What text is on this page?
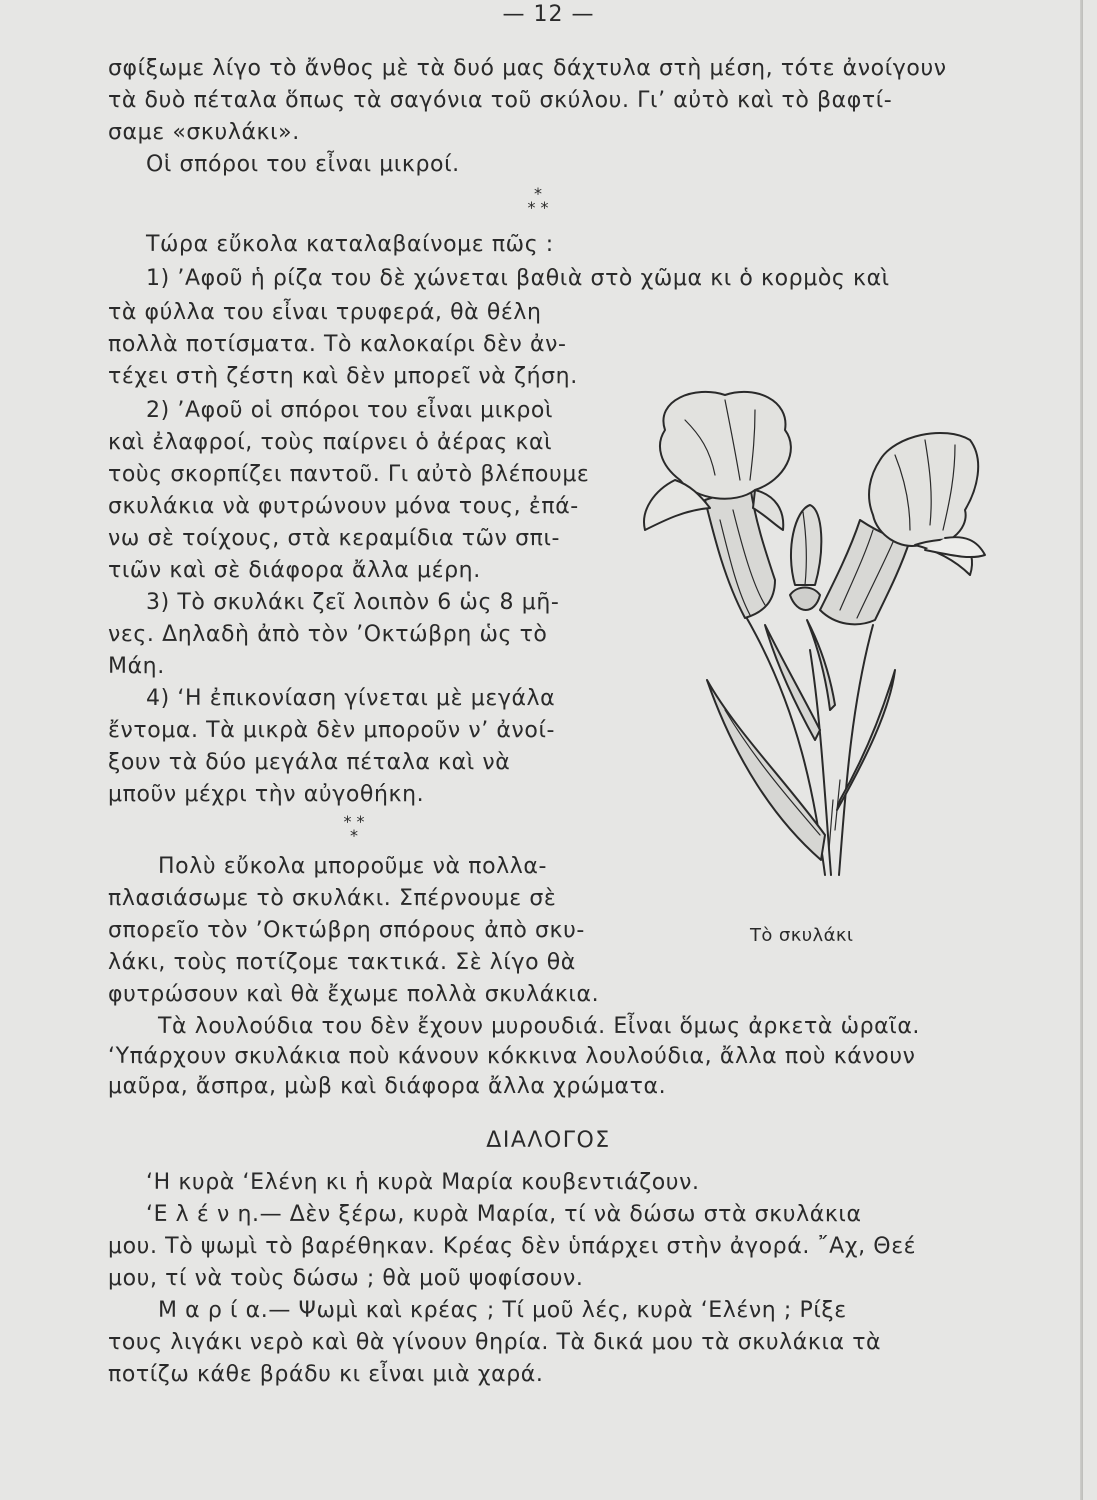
— 12 —
σφίξωμε λίγο τὸ ἄνθος μὲ τὰ δυό μας δάχτυλα στὴ μέση, τότε ἀνοίγουν
τὰ δυὸ πέταλα ὅπως τὰ σαγόνια τοῦ σκύλου. Γι’ αὐτὸ καὶ τὸ βαφτί-
σαμε «σκυλάκι».
Οἱ σπόροι του εἶναι μικροί.
*
* *
Τώρα εὔκολα καταλαβαίνομε πῶς :
1) ’Αφοῦ ἡ ρίζα του δὲ χώνεται βαθιὰ στὸ χῶμα κι ὁ κορμὸς καὶ
τὰ φύλλα του εἶναι τρυφερά, θὰ θέλη
πολλὰ ποτίσματα. Τὸ καλοκαίρι δὲν ἀν-
τέχει στὴ ζέστη καὶ δὲν μπορεῖ νὰ ζήση.
2) ’Αφοῦ οἱ σπόροι του εἶναι μικροὶ
καὶ ἐλαφροί, τοὺς παίρνει ὁ ἀέρας καὶ
τοὺς σκορπίζει παντοῦ. Γι αὐτὸ βλέπουμε
σκυλάκια νὰ φυτρώνουν μόνα τους, ἐπά-
νω σὲ τοίχους, στὰ κεραμίδια τῶν σπι-
τιῶν καὶ σὲ διάφορα ἄλλα μέρη.
3) Τὸ σκυλάκι ζεῖ λοιπὸν 6 ὡς 8 μῆ-
νες. Δηλαδὴ ἀπὸ τὸν ’Οκτώβρη ὡς τὸ
Μάη.
4) ‘Η ἐπικονίαση γίνεται μὲ μεγάλα
ἔντομα. Τὰ μικρὰ δὲν μποροῦν ν’ ἀνοί-
ξουν τὰ δύο μεγάλα πέταλα καὶ νὰ
μποῦν μέχρι τὴν αὐγοθήκη.
* *
*
Πολὺ εὔκολα μποροῦμε νὰ πολλα-
πλασιάσωμε τὸ σκυλάκι. Σπέρνουμε σὲ
σπορεῖο τὸν ’Οκτώβρη σπόρους ἀπὸ σκυ-
λάκι, τοὺς ποτίζομε τακτικά. Σὲ λίγο θὰ
φυτρώσουν καὶ θὰ ἔχωμε πολλὰ σκυλάκια.
Τὰ λουλούδια του δὲν ἔχουν μυρουδιά. Εἶναι ὅμως ἀρκετὰ ὡραῖα.
‘Υπάρχουν σκυλάκια ποὺ κάνουν κόκκινα λουλούδια, ἄλλα ποὺ κάνουν
μαῦρα, ἄσπρα, μὼβ καὶ διάφορα ἄλλα χρώματα.
Τὸ σκυλάκι
ΔΙΑΛΟΓΟΣ
‘Η κυρὰ ‘Ελένη κι ἡ κυρὰ Μαρία κουβεντιάζουν.
‘Ε λ έ ν η.— Δὲν ξέρω, κυρὰ Μαρία, τί νὰ δώσω στὰ σκυλάκια
μου. Τὸ ψωμὶ τὸ βαρέθηκαν. Κρέας δὲν ὑπάρχει στὴν ἀγορά. ῎Αχ, Θεέ
μου, τί νὰ τοὺς δώσω ; θὰ μοῦ ψοφίσουν.
Μ α ρ ί α.— Ψωμὶ καὶ κρέας ; Τί μοῦ λές, κυρὰ ‘Ελένη ; Ρίξε
τους λιγάκι νερὸ καὶ θὰ γίνουν θηρία. Τὰ δικά μου τὰ σκυλάκια τὰ
ποτίζω κάθε βράδυ κι εἶναι μιὰ χαρά.
